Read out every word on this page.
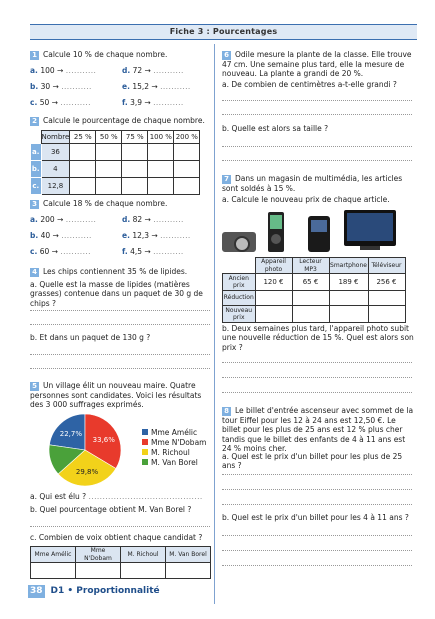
Fiche 3 : Pourcentages
1 Calcule 10 % de chaque nombre.
a. 100 → ...........	d. 72 → ...........
b. 30 → ...........	e. 15,2 → ...........
c. 50 → ...........	f. 3,9 → ...........
2 Calcule le pourcentage de chaque nombre.
	Nombre	25 %	50 %	75 %	100 %	200 %
a.	36					
b.	4					
c.	12,8					
3 Calcule 18 % de chaque nombre.
a. 200 → ...........	d. 82 → ...........
b. 40 → ...........	e. 12,3 → ...........
c. 60 → ...........	f. 4,5 → ...........
4 Les chips contiennent 35 % de lipides.
a. Quelle est la masse de lipides (matières grasses) contenue dans un paquet de 30 g de chips ?
b. Et dans un paquet de 130 g ?
5 Un village élit un nouveau maire. Quatre personnes sont candidates. Voici les résultats des 3 000 suffrages exprimés.
22,7%
33,6%
29,8%
Mme Amélic
Mme N'Dobam
M. Richoul
M. Van Borel
a. Qui est élu ? .........................................
b. Quel pourcentage obtient M. Van Borel ?
c. Combien de voix obtient chaque candidat ?
Mme Amélic	Mme N'Dobam	M. Richoul	M. Van Borel

6 Odile mesure la plante de la classe. Elle trouve 47 cm. Une semaine plus tard, elle la mesure de nouveau. La plante a grandi de 20 %.
a. De combien de centimètres a-t-elle grandi ?
b. Quelle est alors sa taille ?
7 Dans un magasin de multimédia, les articles sont soldés à 15 %.
a. Calcule le nouveau prix de chaque article.
	Appareil photo	Lecteur MP3	Smartphone	Téléviseur
Ancien prix	120 €	65 €	189 €	256 €
Réduction				
Nouveau prix				
b. Deux semaines plus tard, l'appareil photo subit une nouvelle réduction de 15 %. Quel est alors son prix ?
8 Le billet d'entrée ascenseur avec sommet de la tour Eiffel pour les 12 à 24 ans est 12,50 €. Le billet pour les plus de 25 ans est 12 % plus cher tandis que le billet des enfants de 4 à 11 ans est 24 % moins cher.
a. Quel est le prix d'un billet pour les plus de 25 ans ?
b. Quel est le prix d'un billet pour les 4 à 11 ans ?
38 D1 • Proportionnalité
